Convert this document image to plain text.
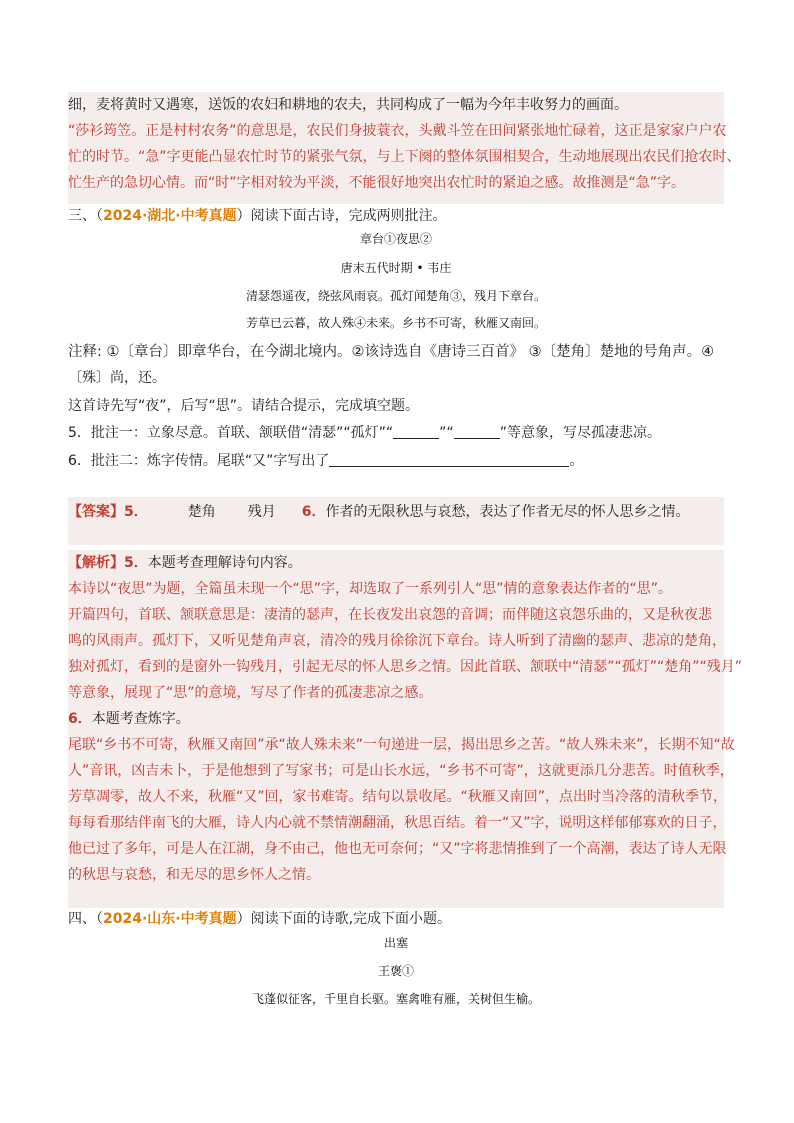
细，麦将黄时又遇寒，送饭的农妇和耕地的农夫，共同构成了一幅为今年丰收努力的画面。
“莎衫筠笠。正是村村农务”的意思是，农民们身披蓑衣，头戴斗笠在田间紧张地忙碌着，这正是家家户户农
忙的时节。“急”字更能凸显农忙时节的紧张气氛，与上下阕的整体氛围相契合，生动地展现出农民们抢农时、
忙生产的急切心情。而“时”字相对较为平淡，不能很好地突出农忙时的紧迫之感。故推测是“急”字。
三、（2024·湖北·中考真题）阅读下面古诗，完成两则批注。
章台①夜思②
唐末五代时期 • 韦庄
清瑟怨遥夜，绕弦风雨哀。孤灯闻楚角③，残月下章台。
芳草已云暮，故人殊④未来。乡书不可寄，秋雁又南回。
注释: ①〔章台〕即章华台，在今湖北境内。②该诗选自《唐诗三百首》 ③〔楚角〕楚地的号角声。④
〔殊〕尚，还。
这首诗先写“夜”，后写“思”。请结合提示，完成填空题。
5．批注一：立象尽意。首联、颔联借“清瑟”“孤灯”“	”“	”等意象，写尽孤凄悲凉。
6．批注二：炼字传情。尾联“又”字写出了	。
【答案】5．	楚角 残月 6．作者的无限秋思与哀愁，表达了作者无尽的怀人思乡之情。
【解析】5．本题考查理解诗句内容。
本诗以“夜思”为题，全篇虽未现一个“思”字，却选取了一系列引人“思”情的意象表达作者的“思”。
开篇四句，首联、颔联意思是：凄清的瑟声，在长夜发出哀怨的音调；而伴随这哀怨乐曲的，又是秋夜悲
鸣的风雨声。孤灯下，又听见楚角声哀，清冷的残月徐徐沉下章台。诗人听到了清幽的瑟声、悲凉的楚角，
独对孤灯，看到的是窗外一钩残月，引起无尽的怀人思乡之情。因此首联、颔联中“清瑟”“孤灯”“楚角”“残月”
等意象，展现了“思”的意境，写尽了作者的孤凄悲凉之感。
6．本题考查炼字。
尾联“乡书不可寄，秋雁又南回”承“故人殊未来”一句递进一层，揭出思乡之苦。“故人殊未来”，长期不知“故
人”音讯，凶吉未卜，于是他想到了写家书；可是山长水远，“乡书不可寄”，这就更添几分悲苦。时值秋季，
芳草凋零，故人不来，秋雁“又”回，家书难寄。结句以景收尾。“秋雁又南回”，点出时当冷落的清秋季节，
每每看那结伴南飞的大雁，诗人内心就不禁情潮翻涌，秋思百结。着一“又”字，说明这样郁郁寡欢的日子，
他已过了多年，可是人在江湖，身不由己，他也无可奈何；“又”字将悲情推到了一个高潮，表达了诗人无限
的秋思与哀愁，和无尽的思乡怀人之情。
四、（2024·山东·中考真题）阅读下面的诗歌,完成下面小题。
出塞
王褒①
飞蓬似征客，千里自长驱。塞禽唯有雁，关树但生榆。
